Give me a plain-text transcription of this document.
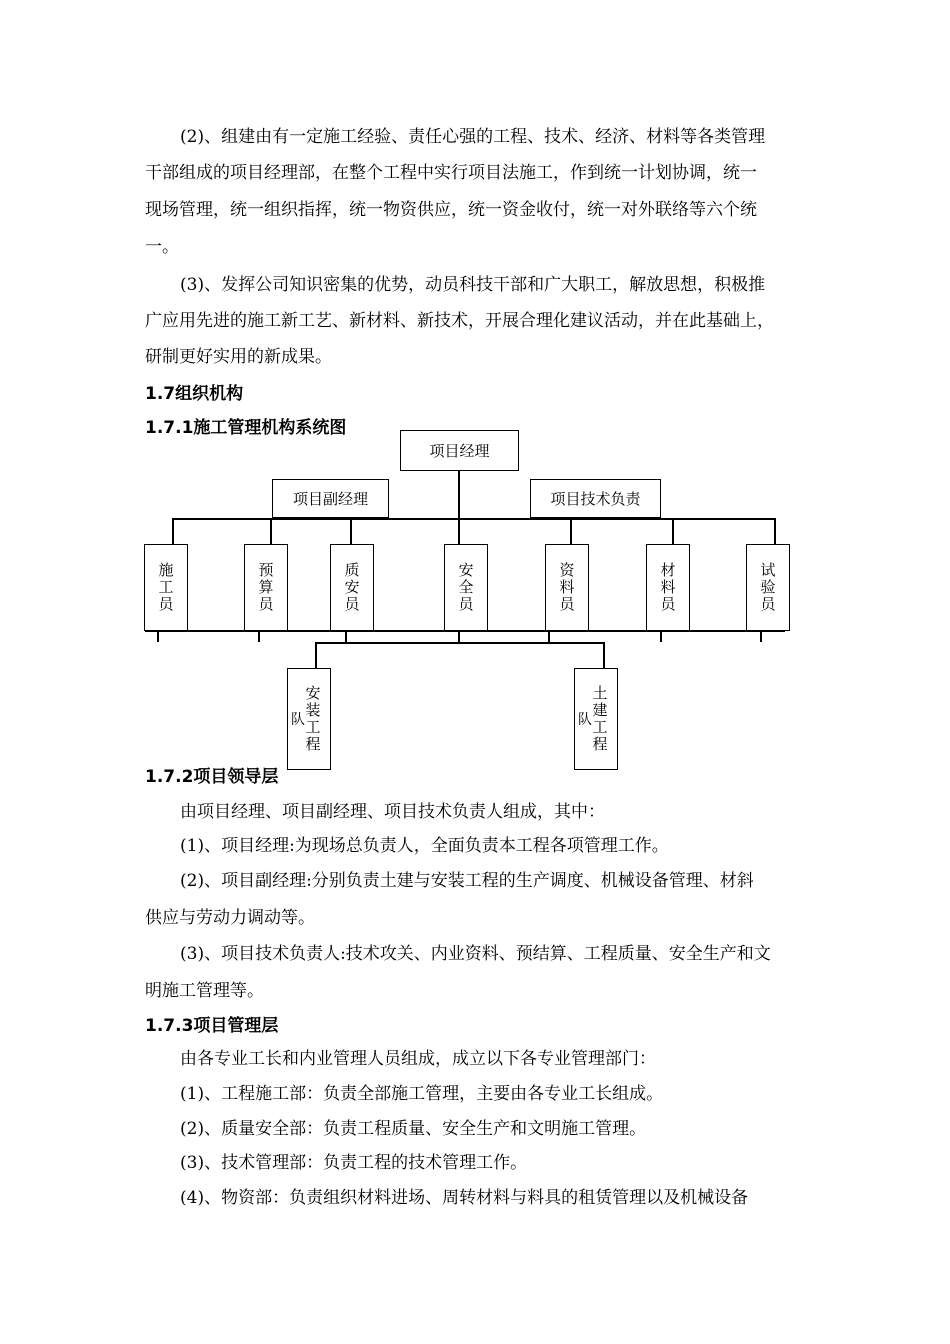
(2)、组建由有一定施工经验、责任心强的工程、技术、经济、材料等各类管理
干部组成的项目经理部，在整个工程中实行项目法施工，作到统一计划协调，统一
现场管理，统一组织指挥，统一物资供应，统一资金收付，统一对外联络等六个统
一。
(3)、发挥公司知识密集的优势，动员科技干部和广大职工，解放思想，积极推
广应用先进的施工新工艺、新材料、新技术，开展合理化建议活动，并在此基础上，
研制更好实用的新成果。
1.7组织机构
1.7.1施工管理机构系统图
项目经理
项目副经理	项目技术负责
施工员	预算员	质安员	安全员	资料员	材料员	试验员
安装工程
队	土建工程
队
1.7.2项目领导层
由项目经理、项目副经理、项目技术负责人组成，其中：
(1)、项目经理:为现场总负责人，全面负责本工程各项管理工作。
(2)、项目副经理:分别负责土建与安装工程的生产调度、机械设备管理、材斜
供应与劳动力调动等。
(3)、项目技术负责人:技术攻关、内业资料、预结算、工程质量、安全生产和文
明施工管理等。
1.7.3项目管理层
由各专业工长和内业管理人员组成，成立以下各专业管理部门：
(1)、工程施工部：负责全部施工管理，主要由各专业工长组成。
(2)、质量安全部：负责工程质量、安全生产和文明施工管理。
(3)、技术管理部：负责工程的技术管理工作。
(4)、物资部：负责组织材料进场、周转材料与料具的租赁管理以及机械设备
